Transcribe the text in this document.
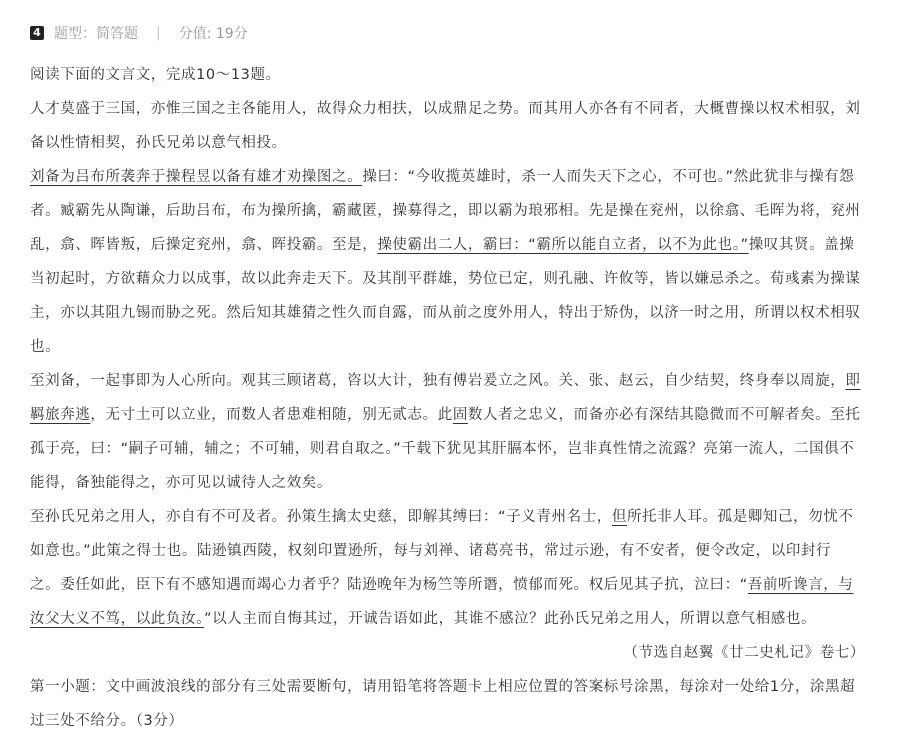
4 题型：简答题 | 分值: 19分

阅读下面的文言文，完成10～13题。

人才莫盛于三国，亦惟三国之主各能用人，故得众力相扶，以成鼎足之势。而其用人亦各有不同者，大概曹操以权术相驭，刘备以性情相契，孙氏兄弟以意气相投。

刘备为吕布所袭奔于操程昱以备有雄才劝操图之。操曰：“今收揽英雄时，杀一人而失天下之心，不可也。”然此犹非与操有怨者。臧霸先从陶谦，后助吕布，布为操所擒，霸藏匿，操募得之，即以霸为琅邪相。先是操在兖州，以徐翕、毛晖为将，兖州乱，翕、晖皆叛，后操定兖州，翕、晖投霸。至是，操使霸出二人，霸曰：“霸所以能自立者，以不为此也。”操叹其贤。盖操当初起时，方欲藉众力以成事，故以此奔走天下。及其削平群雄，势位已定，则孔融、许攸等，皆以嫌忌杀之。荀彧素为操谋主，亦以其阻九锡而胁之死。然后知其雄猜之性久而自露，而从前之度外用人，特出于矫伪，以济一时之用，所谓以权术相驭也。

至刘备，一起事即为人心所向。观其三顾诸葛，咨以大计，独有傅岩爰立之风。关、张、赵云，自少结契，终身奉以周旋，即羁旅奔逃，无寸土可以立业，而数人者患难相随，别无贰志。此固数人者之忠义，而备亦必有深结其隐微而不可解者矣。至托孤于亮，曰：“嗣子可辅，辅之；不可辅，则君自取之。”千载下犹见其肝膈本怀，岂非真性情之流露？亮第一流人，二国俱不能得，备独能得之，亦可见以诚待人之效矣。

至孙氏兄弟之用人，亦自有不可及者。孙策生擒太史慈，即解其缚曰：“子义青州名士，但所托非人耳。孤是卿知己，勿忧不如意也。”此策之得士也。陆逊镇西陵，权刻印置逊所，每与刘禅、诸葛亮书，常过示逊，有不安者，便令改定，以印封行之。委任如此，臣下有不感知遇而竭心力者乎？陆逊晚年为杨竺等所谮，愤郁而死。权后见其子抗，泣曰：“吾前听谗言，与汝父大义不笃，以此负汝。”以人主而自悔其过，开诚告语如此，其谁不感泣？此孙氏兄弟之用人，所谓以意气相感也。

（节选自赵翼《廿二史札记》卷七）

第一小题：文中画波浪线的部分有三处需要断句，请用铅笔将答题卡上相应位置的答案标号涂黑，每涂对一处给1分，涂黑超过三处不给分。（3分）
